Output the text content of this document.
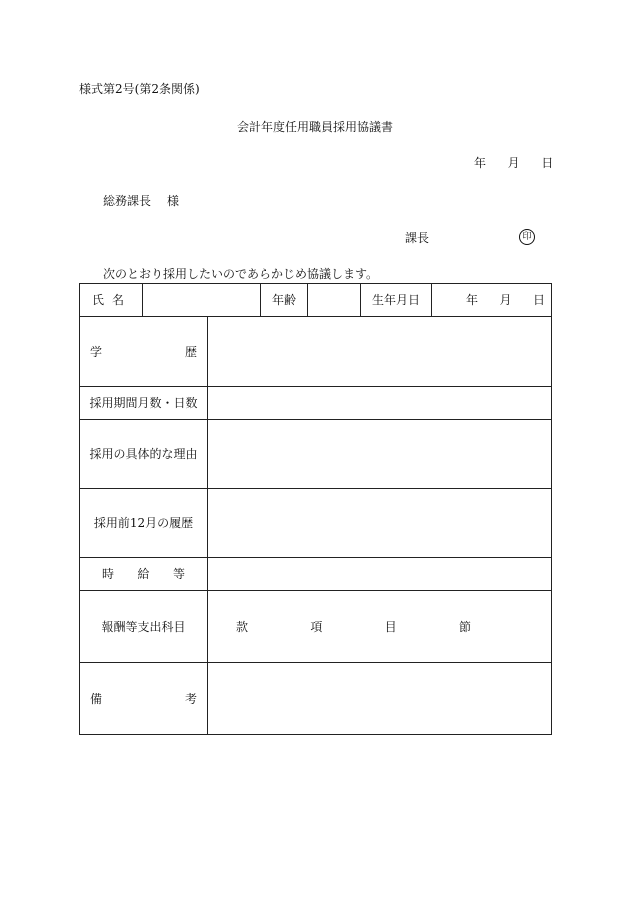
様式第2号(第2条関係)
会計年度任用職員採用協議書
年 月 日
総務課長 様
課長	印
次のとおり採用したいのであらかじめ協議します。
氏 名			年齢		生年月日	年 月 日

学 歴						

採用期間月数・日数						
採用の具体的な理由						
採用前12月の履歴						

時 給 等						

報酬等支出科目		款 項 目 節				

備 考						
